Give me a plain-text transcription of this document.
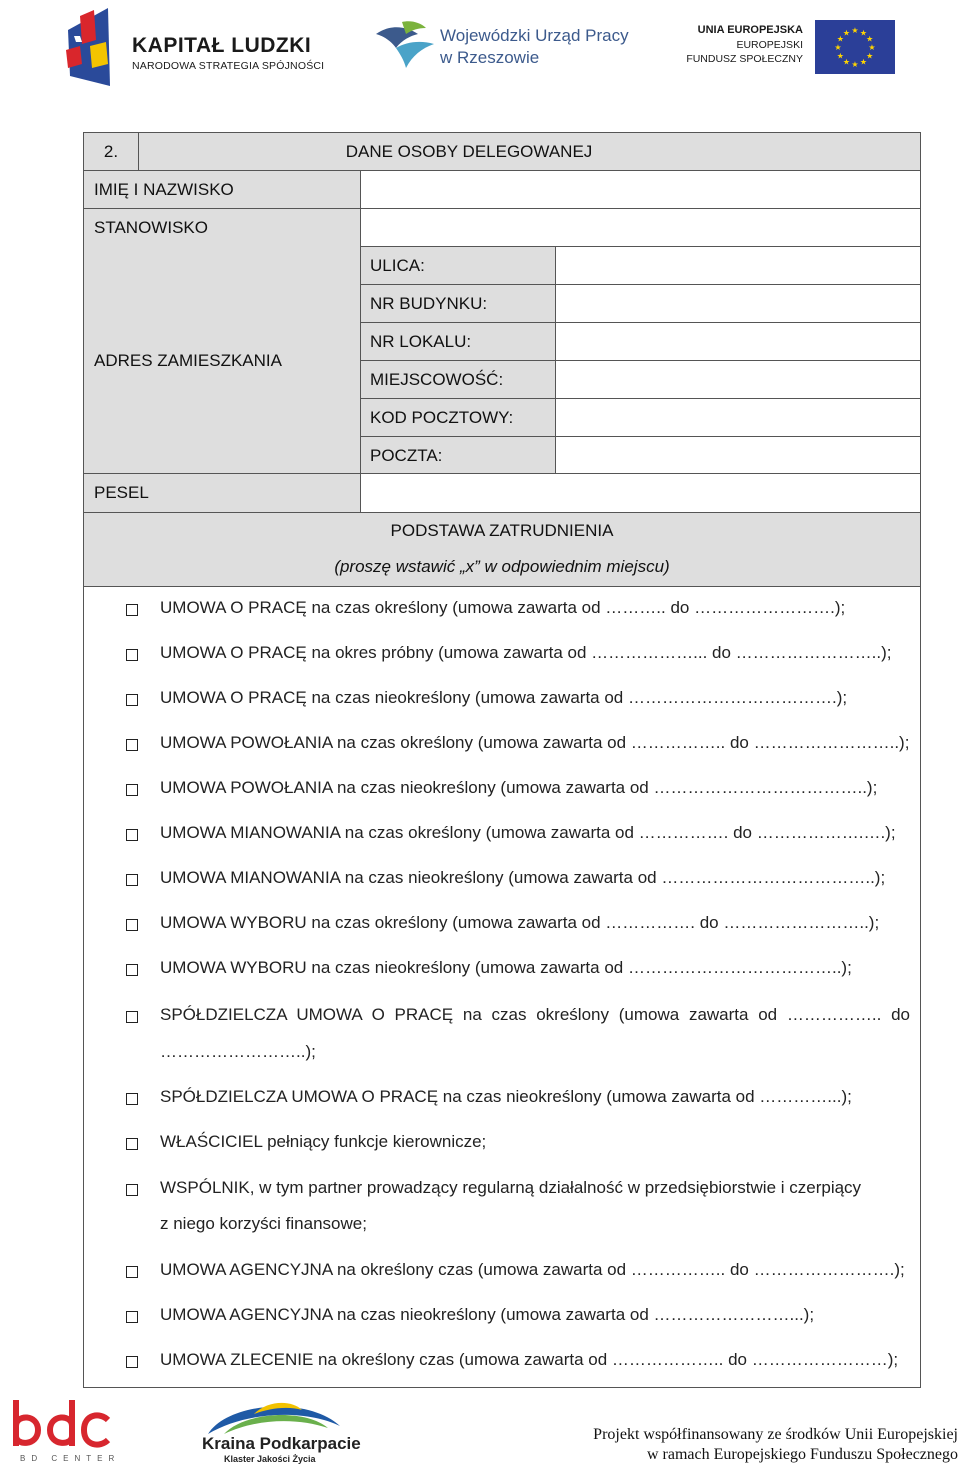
KAPITAŁ LUDZKI
NARODOWA STRATEGIA SPÓJNOŚCI
Wojewódzki Urząd Pracy
w Rzeszowie
UNIA EUROPEJSKA
EUROPEJSKI
FUNDUSZ SPOŁECZNY
★
★
★
★
★
★
★
★
★ ★ ★
★
2.	DANE OSOBY DELEGOWANEJ
IMIĘ I NAZWISKO
STANOWISKO
ADRES ZAMIESZKANIA
ULICA:
NR BUDYNKU:
NR LOKALU:
MIEJSCOWOŚĆ:
KOD POCZTOWY:
POCZTA:
PESEL
PODSTAWA ZATRUDNIENIA
(proszę wstawić „x” w odpowiednim miejscu)
UMOWA O PRACĘ na czas określony (umowa zawarta od ……….. do …………………….);
UMOWA O PRACĘ na okres próbny (umowa zawarta od ………………... do ……………………..);
UMOWA O PRACĘ na czas nieokreślony (umowa zawarta od ……………………………….);
UMOWA POWOŁANIA na czas określony (umowa zawarta od …………….. do ……………………..);
UMOWA POWOŁANIA na czas nieokreślony (umowa zawarta od ………………………………..);
UMOWA MIANOWANIA na czas określony (umowa zawarta od ……………. do ……………….….);
UMOWA MIANOWANIA na czas nieokreślony (umowa zawarta od ………………………………..);
UMOWA WYBORU na czas określony (umowa zawarta od ……………. do ……………………..);
UMOWA WYBORU na czas nieokreślony (umowa zawarta od ………………………………..);
SPÓŁDZIELCZA UMOWA O PRACĘ na czas określony (umowa zawarta od …………….. do
……………………..);
SPÓŁDZIELCZA UMOWA O PRACĘ na czas nieokreślony (umowa zawarta od …………...);
WŁAŚCICIEL pełniący funkcje kierownicze;
WSPÓLNIK, w tym partner prowadzący regularną działalność w przedsiębiorstwie i czerpiący
z niego korzyści finansowe;
UMOWA AGENCYJNA na określony czas (umowa zawarta od …………….. do …………………….);
UMOWA AGENCYJNA na czas nieokreślony (umowa zawarta od ……………………...);
UMOWA ZLECENIE na określony czas (umowa zawarta od ……………….. do ……………………);
BD CENTER
Kraina Podkarpacie
Klaster Jakości Życia
Projekt współfinansowany ze środków Unii Europejskiej
w ramach Europejskiego Funduszu Społecznego
